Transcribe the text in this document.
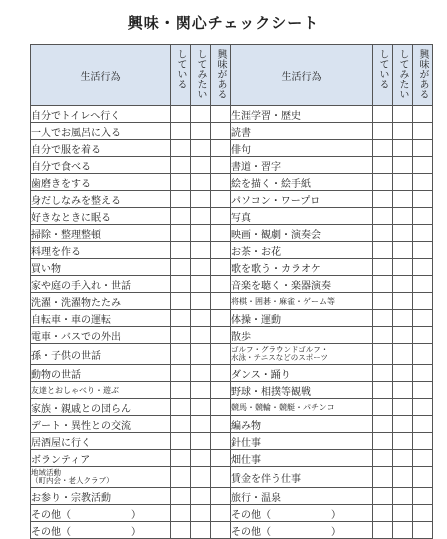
興味・関心チェックシート
生活行為	している	してみたい	興味がある	生活行為	している	してみたい	興味がある
自分でトイレへ行く				生涯学習・歴史			
一人でお風呂に入る				読書			
自分で服を着る				俳句			
自分で食べる				書道・習字			
歯磨きをする				絵を描く・絵手紙			
身だしなみを整える				パソコン・ワープロ			
好きなときに眠る				写真			
掃除・整理整頓				映画・観劇・演奏会			
料理を作る				お茶・お花			
買い物				歌を歌う・カラオケ			
家や庭の手入れ・世話				音楽を聴く・楽器演奏			
洗濯・洗濯物たたみ				将棋・囲碁・麻雀・ゲーム等			
自転車・車の運転				体操・運動			
電車・バスでの外出				散歩			
孫・子供の世話				ゴルフ・グラウンドゴルフ・
水泳・テニスなどのスポーツ			
動物の世話				ダンス・踊り			
友達とおしゃべり・遊ぶ				野球・相撲等観戦			
家族・親戚との団らん				競馬・競輪・競艇・パチンコ			
デート・異性との交流				編み物			
居酒屋に行く				針仕事			
ボランティア				畑仕事			
地域活動
（町内会・老人クラブ）				賃金を伴う仕事			
お参り・宗教活動				旅行・温泉			
その他（　　　　　　）				その他（　　　　　　）			
その他（　　　　　　）				その他（　　　　　　）			
